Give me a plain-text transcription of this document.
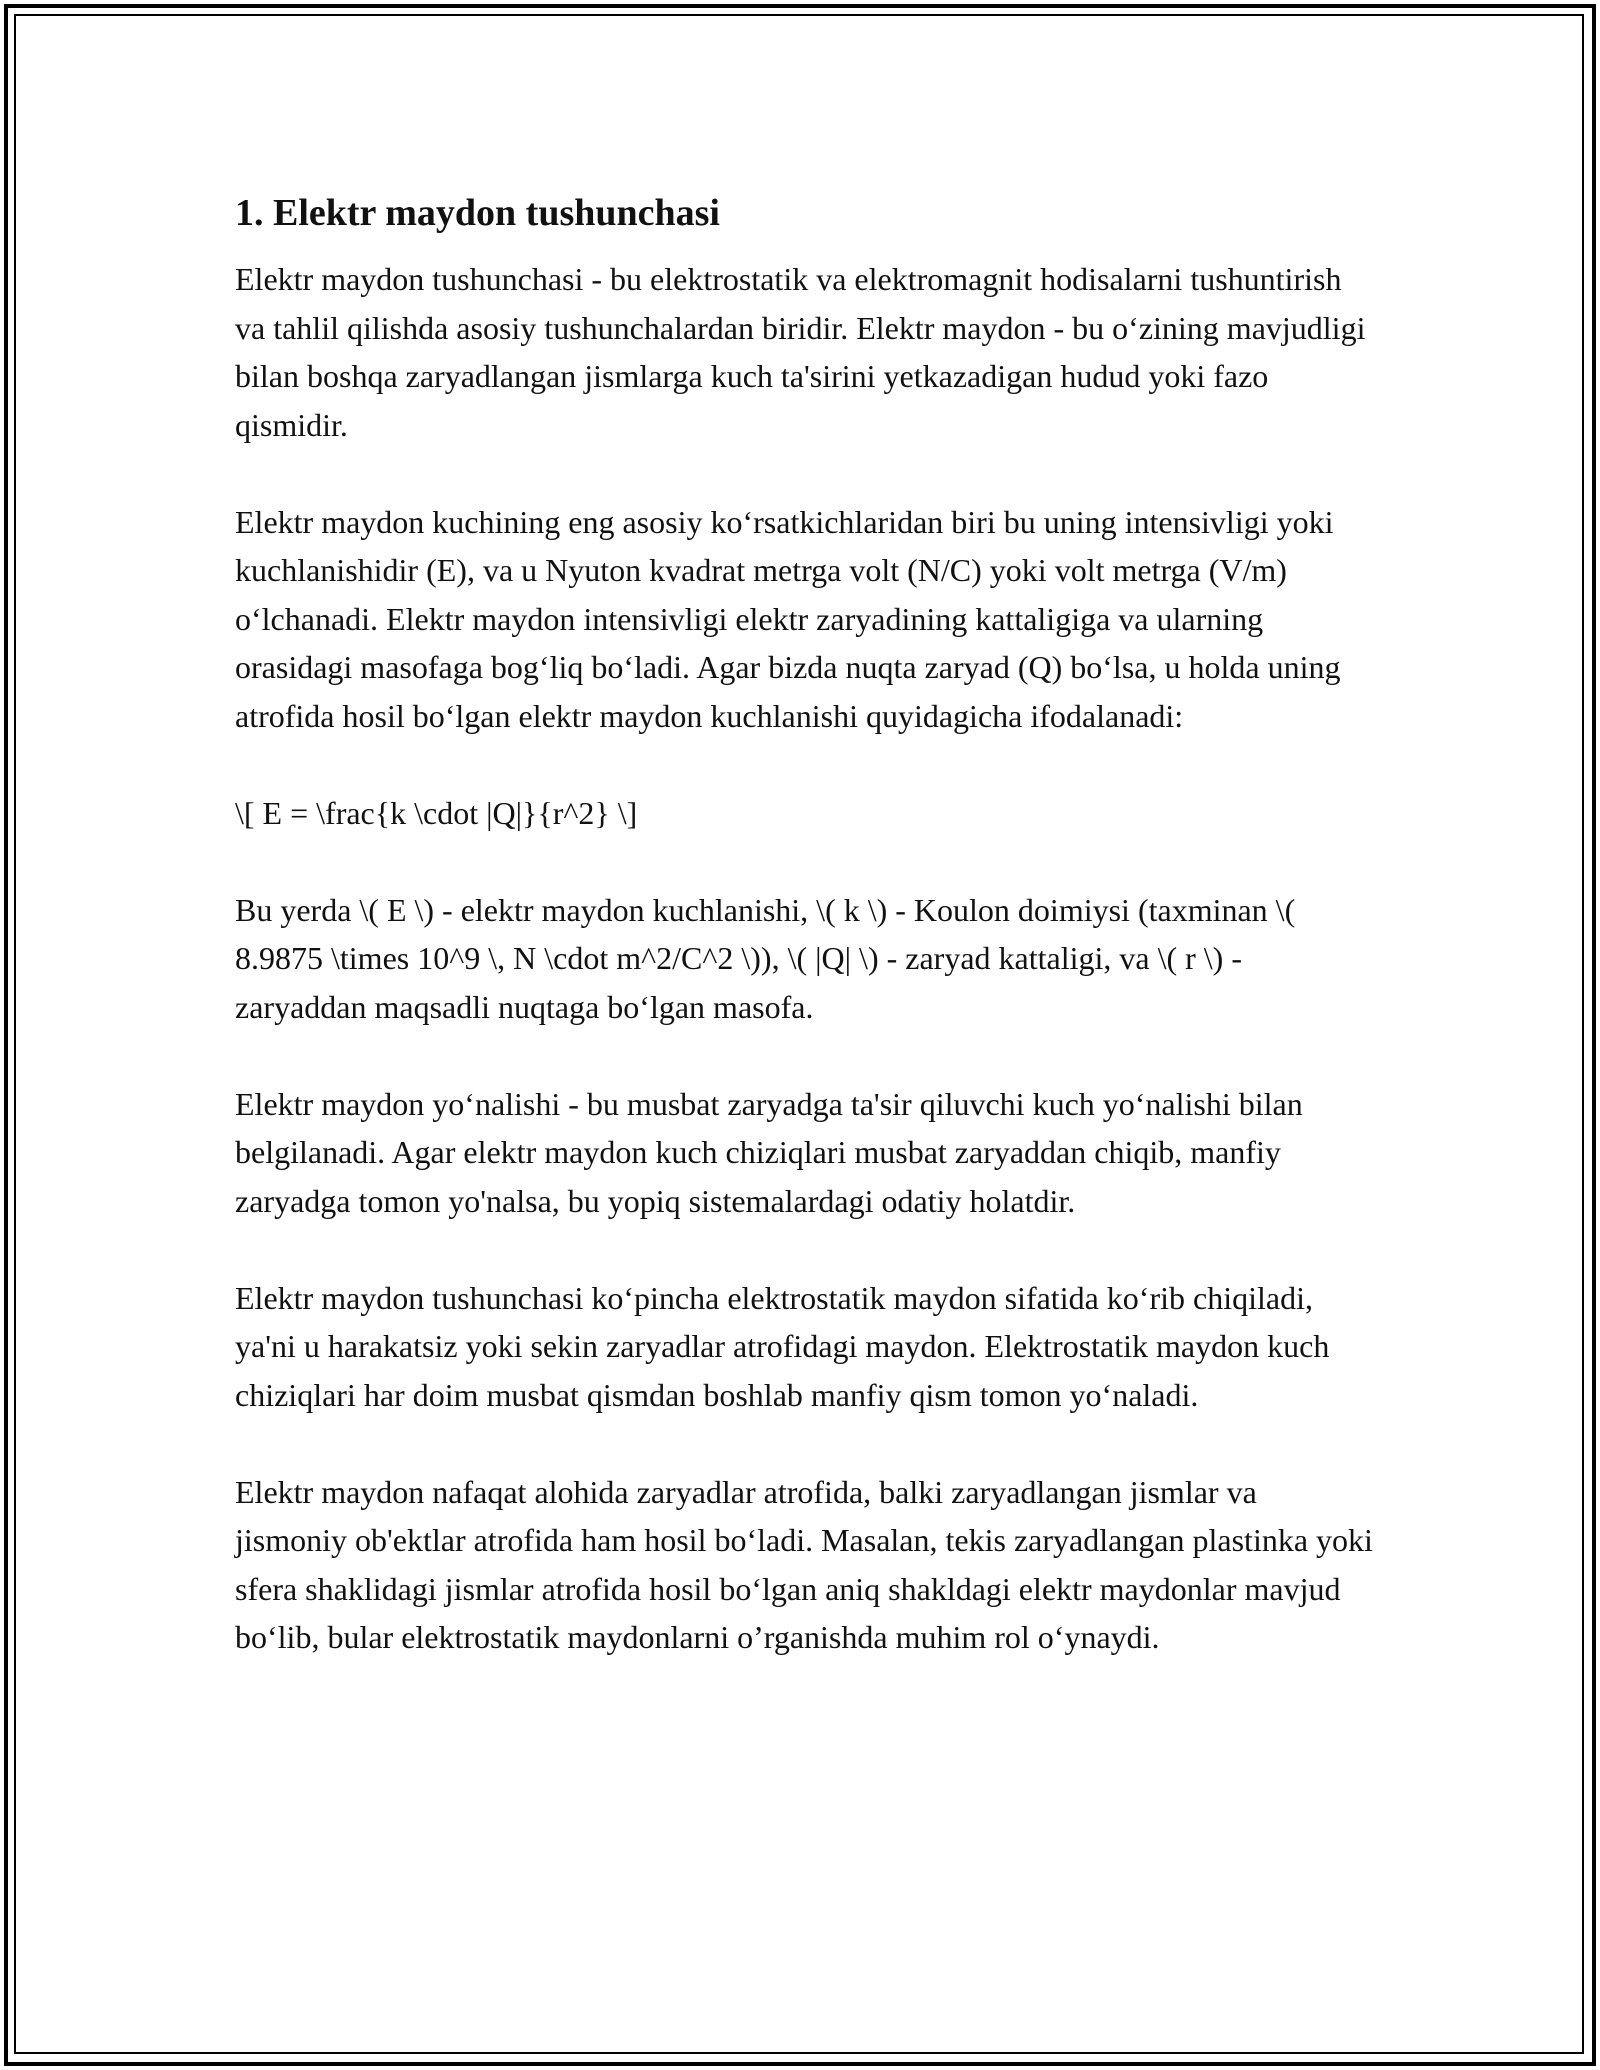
1. Elektr maydon tushunchasi

Elektr maydon tushunchasi - bu elektrostatik va elektromagnit hodisalarni tushuntirish va tahlil qilishda asosiy tushunchalardan biridir. Elektr maydon - bu o‘zining mavjudligi bilan boshqa zaryadlangan jismlarga kuch ta'sirini yetkazadigan hudud yoki fazo qismidir.

Elektr maydon kuchining eng asosiy ko‘rsatkichlaridan biri bu uning intensivligi yoki kuchlanishidir (E), va u Nyuton kvadrat metrga volt (N/C) yoki volt metrga (V/m) o‘lchanadi. Elektr maydon intensivligi elektr zaryadining kattaligiga va ularning orasidagi masofaga bog‘liq bo‘ladi. Agar bizda nuqta zaryad (Q) bo‘lsa, u holda uning atrofida hosil bo‘lgan elektr maydon kuchlanishi quyidagicha ifodalanadi:

\[ E = \frac{k \cdot |Q|}{r^2} \]

Bu yerda \( E \) - elektr maydon kuchlanishi, \( k \) - Koulon doimiysi (taxminan \( 8.9875 \times 10^9 \, N \cdot m^2/C^2 \)), \( |Q| \) - zaryad kattaligi, va \( r \) - zaryaddan maqsadli nuqtaga bo‘lgan masofa.

Elektr maydon yo‘nalishi - bu musbat zaryadga ta'sir qiluvchi kuch yo‘nalishi bilan belgilanadi. Agar elektr maydon kuch chiziqlari musbat zaryaddan chiqib, manfiy zaryadga tomon yo'nalsa, bu yopiq sistemalardagi odatiy holatdir.

Elektr maydon tushunchasi ko‘pincha elektrostatik maydon sifatida ko‘rib chiqiladi, ya'ni u harakatsiz yoki sekin zaryadlar atrofidagi maydon. Elektrostatik maydon kuch chiziqlari har doim musbat qismdan boshlab manfiy qism tomon yo‘naladi.

Elektr maydon nafaqat alohida zaryadlar atrofida, balki zaryadlangan jismlar va jismoniy ob'ektlar atrofida ham hosil bo‘ladi. Masalan, tekis zaryadlangan plastinka yoki sfera shaklidagi jismlar atrofida hosil bo‘lgan aniq shakldagi elektr maydonlar mavjud bo‘lib, bular elektrostatik maydonlarni o’rganishda muhim rol o‘ynaydi.
